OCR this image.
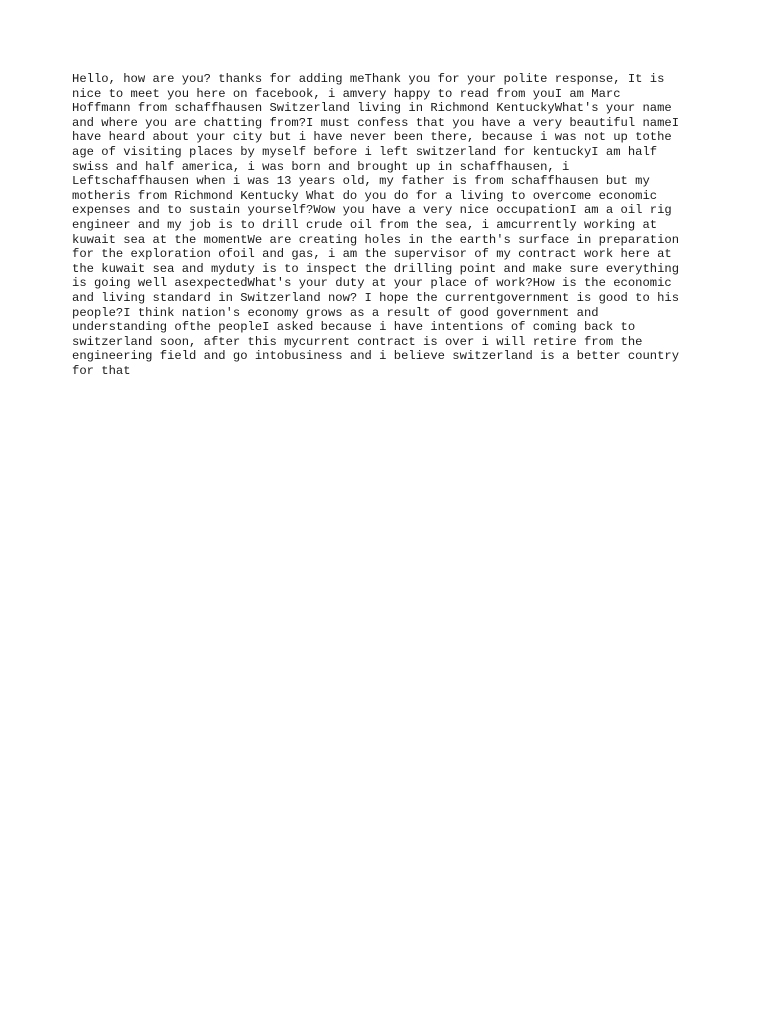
Hello, how are you? thanks for adding meThank you for your polite response, It is
nice to meet you here on facebook, i amvery happy to read from youI am Marc
Hoffmann from schaffhausen Switzerland living in Richmond KentuckyWhat's your name
and where you are chatting from?I must confess that you have a very beautiful nameI
have heard about your city but i have never been there, because i was not up tothe
age of visiting places by myself before i left switzerland for kentuckyI am half
swiss and half america, i was born and brought up in schaffhausen, i
Leftschaffhausen when i was 13 years old, my father is from schaffhausen but my
motheris from Richmond Kentucky What do you do for a living to overcome economic
expenses and to sustain yourself?Wow you have a very nice occupationI am a oil rig
engineer and my job is to drill crude oil from the sea, i amcurrently working at
kuwait sea at the momentWe are creating holes in the earth's surface in preparation
for the exploration ofoil and gas, i am the supervisor of my contract work here at
the kuwait sea and myduty is to inspect the drilling point and make sure everything
is going well asexpectedWhat's your duty at your place of work?How is the economic
and living standard in Switzerland now? I hope the currentgovernment is good to his
people?I think nation's economy grows as a result of good government and
understanding ofthe peopleI asked because i have intentions of coming back to
switzerland soon, after this mycurrent contract is over i will retire from the
engineering field and go intobusiness and i believe switzerland is a better country
for that
